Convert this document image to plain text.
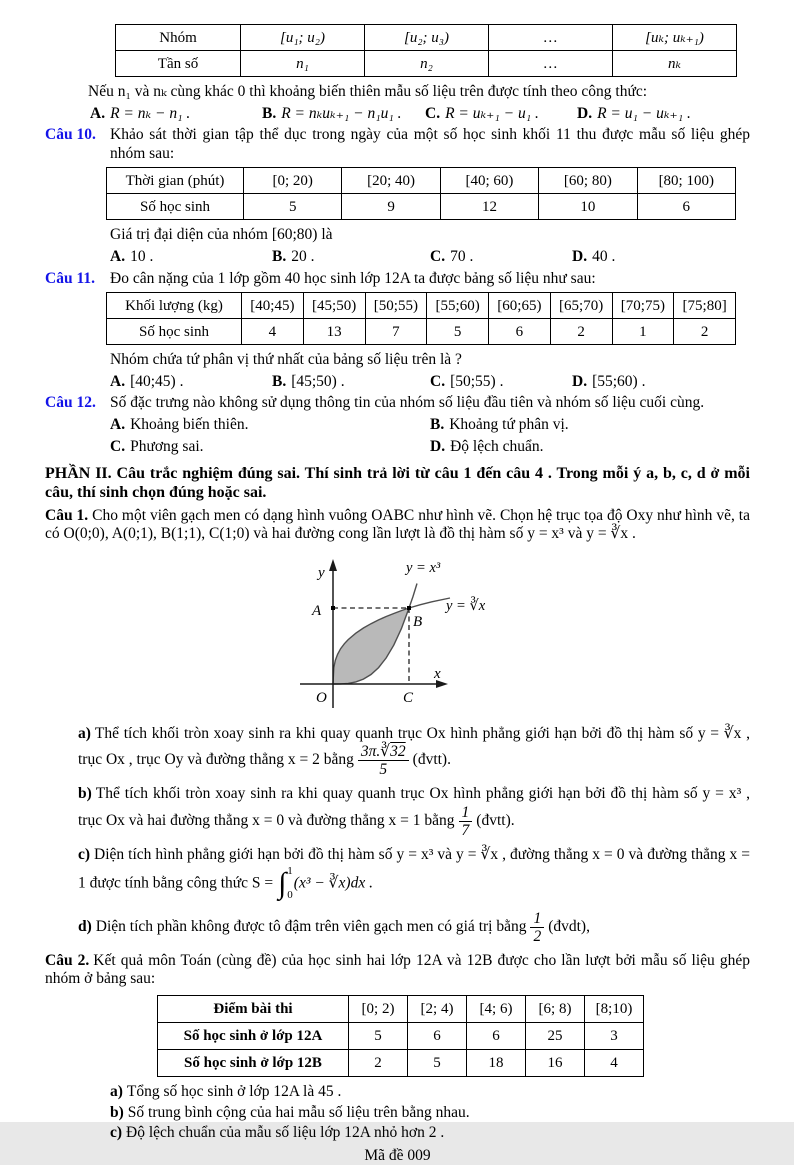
Nhóm	[u₁; u₂)	[u₂; u₃)	…	[uₖ; uₖ₊₁)
Tần số	n₁	n₂	…	nₖ
Nếu n₁ và nₖ cùng khác 0 thì khoảng biến thiên mẫu số liệu trên được tính theo công thức:
A. R = nₖ − n₁ .	B. R = nₖuₖ₊₁ − n₁u₁ . C. R = uₖ₊₁ − u₁ . D. R = u₁ − uₖ₊₁ .
Câu 10. Khảo sát thời gian tập thể dục trong ngày của một số học sinh khối 11 thu được mẫu số liệu ghép nhóm sau:
Thời gian (phút)	[0; 20)	[20; 40)	[40; 60)	[60; 80)	[80; 100)
Số học sinh	5	9	12	10	6
Giá trị đại diện của nhóm [60;80) là
A. 10 .	B. 20 .	C. 70 .	D. 40 .
Câu 11. Đo cân nặng của 1 lớp gồm 40 học sinh lớp 12A ta được bảng số liệu như sau:
Khối lượng (kg)	[40;45)	[45;50)	[50;55)	[55;60)	[60;65)	[65;70)	[70;75)	[75;80]
Số học sinh	4	13	7	5	6	2	1	2
Nhóm chứa tứ phân vị thứ nhất của bảng số liệu trên là ?
A. [40;45) .	B. [45;50) .	C. [50;55) .	D. [55;60) .
Câu 12. Số đặc trưng nào không sử dụng thông tin của nhóm số liệu đầu tiên và nhóm số liệu cuối cùng.
A. Khoảng biến thiên.	B. Khoảng tứ phân vị.
C. Phương sai.	D. Độ lệch chuẩn.
PHẦN II. Câu trắc nghiệm đúng sai. Thí sinh trả lời từ câu 1 đến câu 4 . Trong mỗi ý a, b, c, d ở mỗi câu, thí sinh chọn đúng hoặc sai.
Câu 1. Cho một viên gạch men có dạng hình vuông OABC như hình vẽ. Chọn hệ trục tọa độ Oxy như hình vẽ, ta có O(0;0), A(0;1), B(1;1), C(1;0) và hai đường cong lần lượt là đồ thị hàm số y = x³ và y = ∛x .
y
x
O
A
B
C
y = x³
y = ∛x
a) Thể tích khối tròn xoay sinh ra khi quay quanh trục Ox hình phẳng giới hạn bởi đồ thị hàm số y = ∛x , trục Ox , trục Oy và đường thẳng x = 2 bằng $\frac{3\pi.∛32}{5}$ (đvtt).
b) Thể tích khối tròn xoay sinh ra khi quay quanh trục Ox hình phẳng giới hạn bởi đồ thị hàm số y = x³ , trục Ox và hai đường thẳng x = 0 và đường thẳng x = 1 bằng $\frac{1}{7}$ (đvtt).
c) Diện tích hình phẳng giới hạn bởi đồ thị hàm số y = x³ và y = ∛x , đường thẳng x = 0 và đường thẳng x = 1 được tính bằng công thức S = ∫ 1
0
(x³ − ∛x)dx .
d) Diện tích phần không được tô đậm trên viên gạch men có giá trị bằng $\frac{1}{2}$ (đvdt),
Câu 2. Kết quả môn Toán (cùng đề) của học sinh hai lớp 12A và 12B được cho lần lượt bởi mẫu số liệu ghép nhóm ở bảng sau:
Điểm bài thi	[0; 2)	[2; 4)	[4; 6)	[6; 8)	[8;10)
Số học sinh ở lớp 12A	5	6	6	25	3
Số học sinh ở lớp 12B	2	5	18	16	4
a) Tổng số học sinh ở lớp 12A là 45 .
b) Số trung bình cộng của hai mẫu số liệu trên bằng nhau.
c) Độ lệch chuẩn của mẫu số liệu lớp 12A nhỏ hơn 2 .
Mã đề 009
